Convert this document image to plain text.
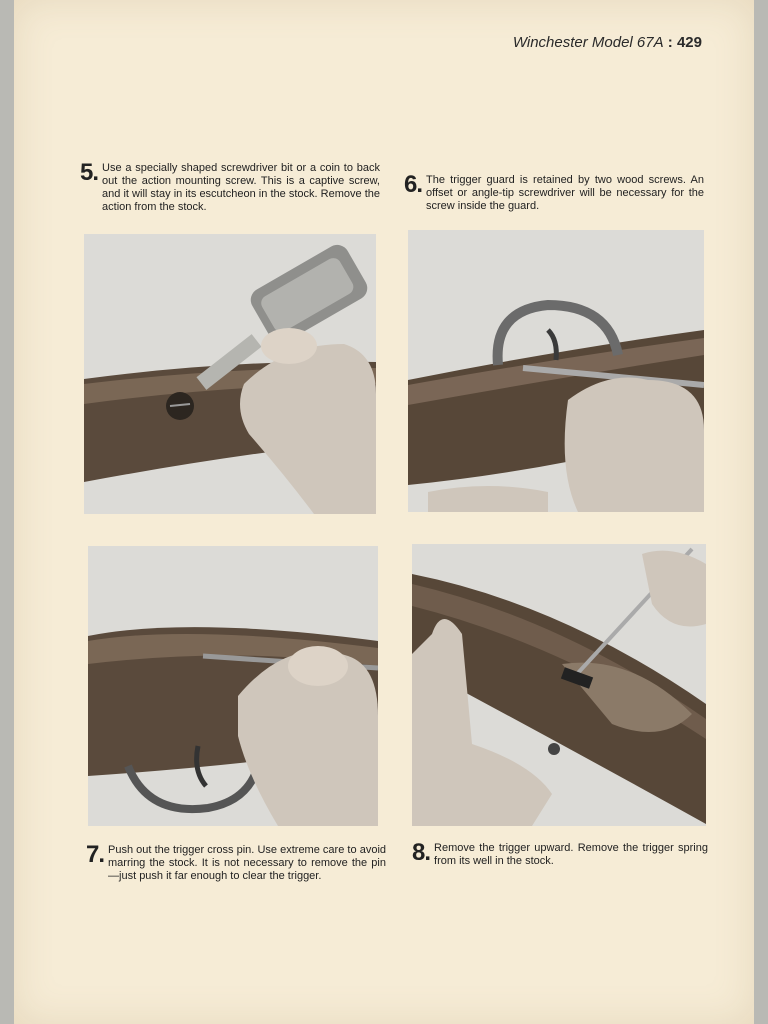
Winchester Model 67A : 429
5. Use a specially shaped screwdriver bit or a coin to back out the action mounting screw. This is a captive screw, and it will stay in its escutcheon in the stock. Remove the action from the stock.
6. The trigger guard is retained by two wood screws. An offset or angle-tip screwdriver will be necessary for the screw inside the guard.
7. Push out the trigger cross pin. Use extreme care to avoid marring the stock. It is not necessary to remove the pin—just push it far enough to clear the trigger.
8. Remove the trigger upward. Remove the trigger spring from its well in the stock.
